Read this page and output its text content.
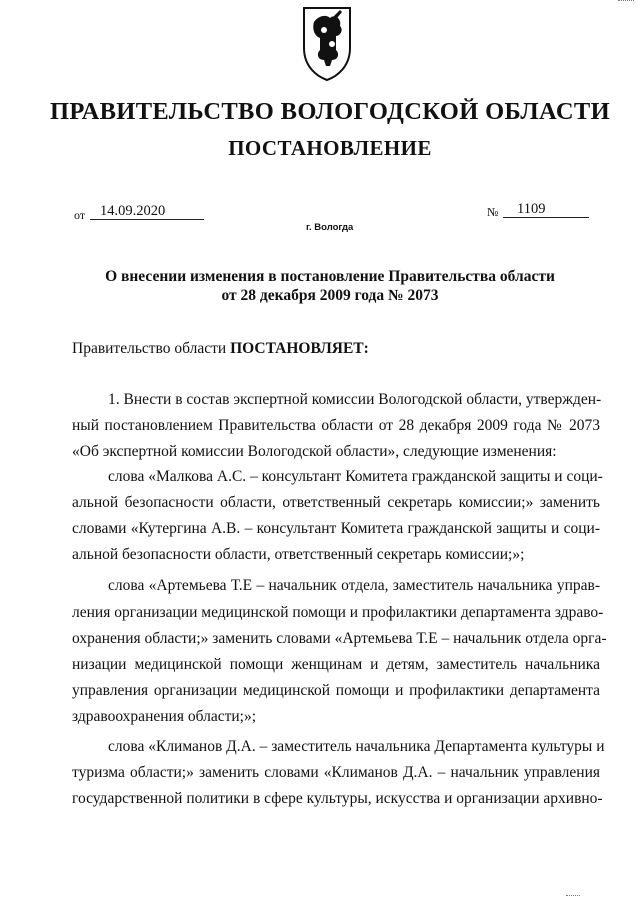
ПРАВИТЕЛЬСТВО ВОЛОГОДСКОЙ ОБЛАСТИ
ПОСТАНОВЛЕНИЕ
от	14.09.2020	№	1109
г. Вологда
О внесении изменения в постановление Правительства области
от 28 декабря 2009 года № 2073
Правительство области ПОСТАНОВЛЯЕТ:
1. Внести в состав экспертной комиссии Вологодской области, утвержден-
ный постановлением Правительства области от 28 декабря 2009 года № 2073
«Об экспертной комиссии Вологодской области», следующие изменения:
слова «Малкова А.С. – консультант Комитета гражданской защиты и соци-
альной безопасности области, ответственный секретарь комиссии;» заменить
словами «Кутергина А.В. – консультант Комитета гражданской защиты и соци-
альной безопасности области, ответственный секретарь комиссии;»;
слова «Артемьева Т.Е – начальник отдела, заместитель начальника управ-
ления организации медицинской помощи и профилактики департамента здраво-
охранения области;» заменить словами «Артемьева Т.Е – начальник отдела орга-
низации медицинской помощи женщинам и детям, заместитель начальника
управления организации медицинской помощи и профилактики департамента
здравоохранения области;»;
слова «Климанов Д.А. – заместитель начальника Департамента культуры и
туризма области;» заменить словами «Климанов Д.А. – начальник управления
государственной политики в сфере культуры, искусства и организации архивно-
